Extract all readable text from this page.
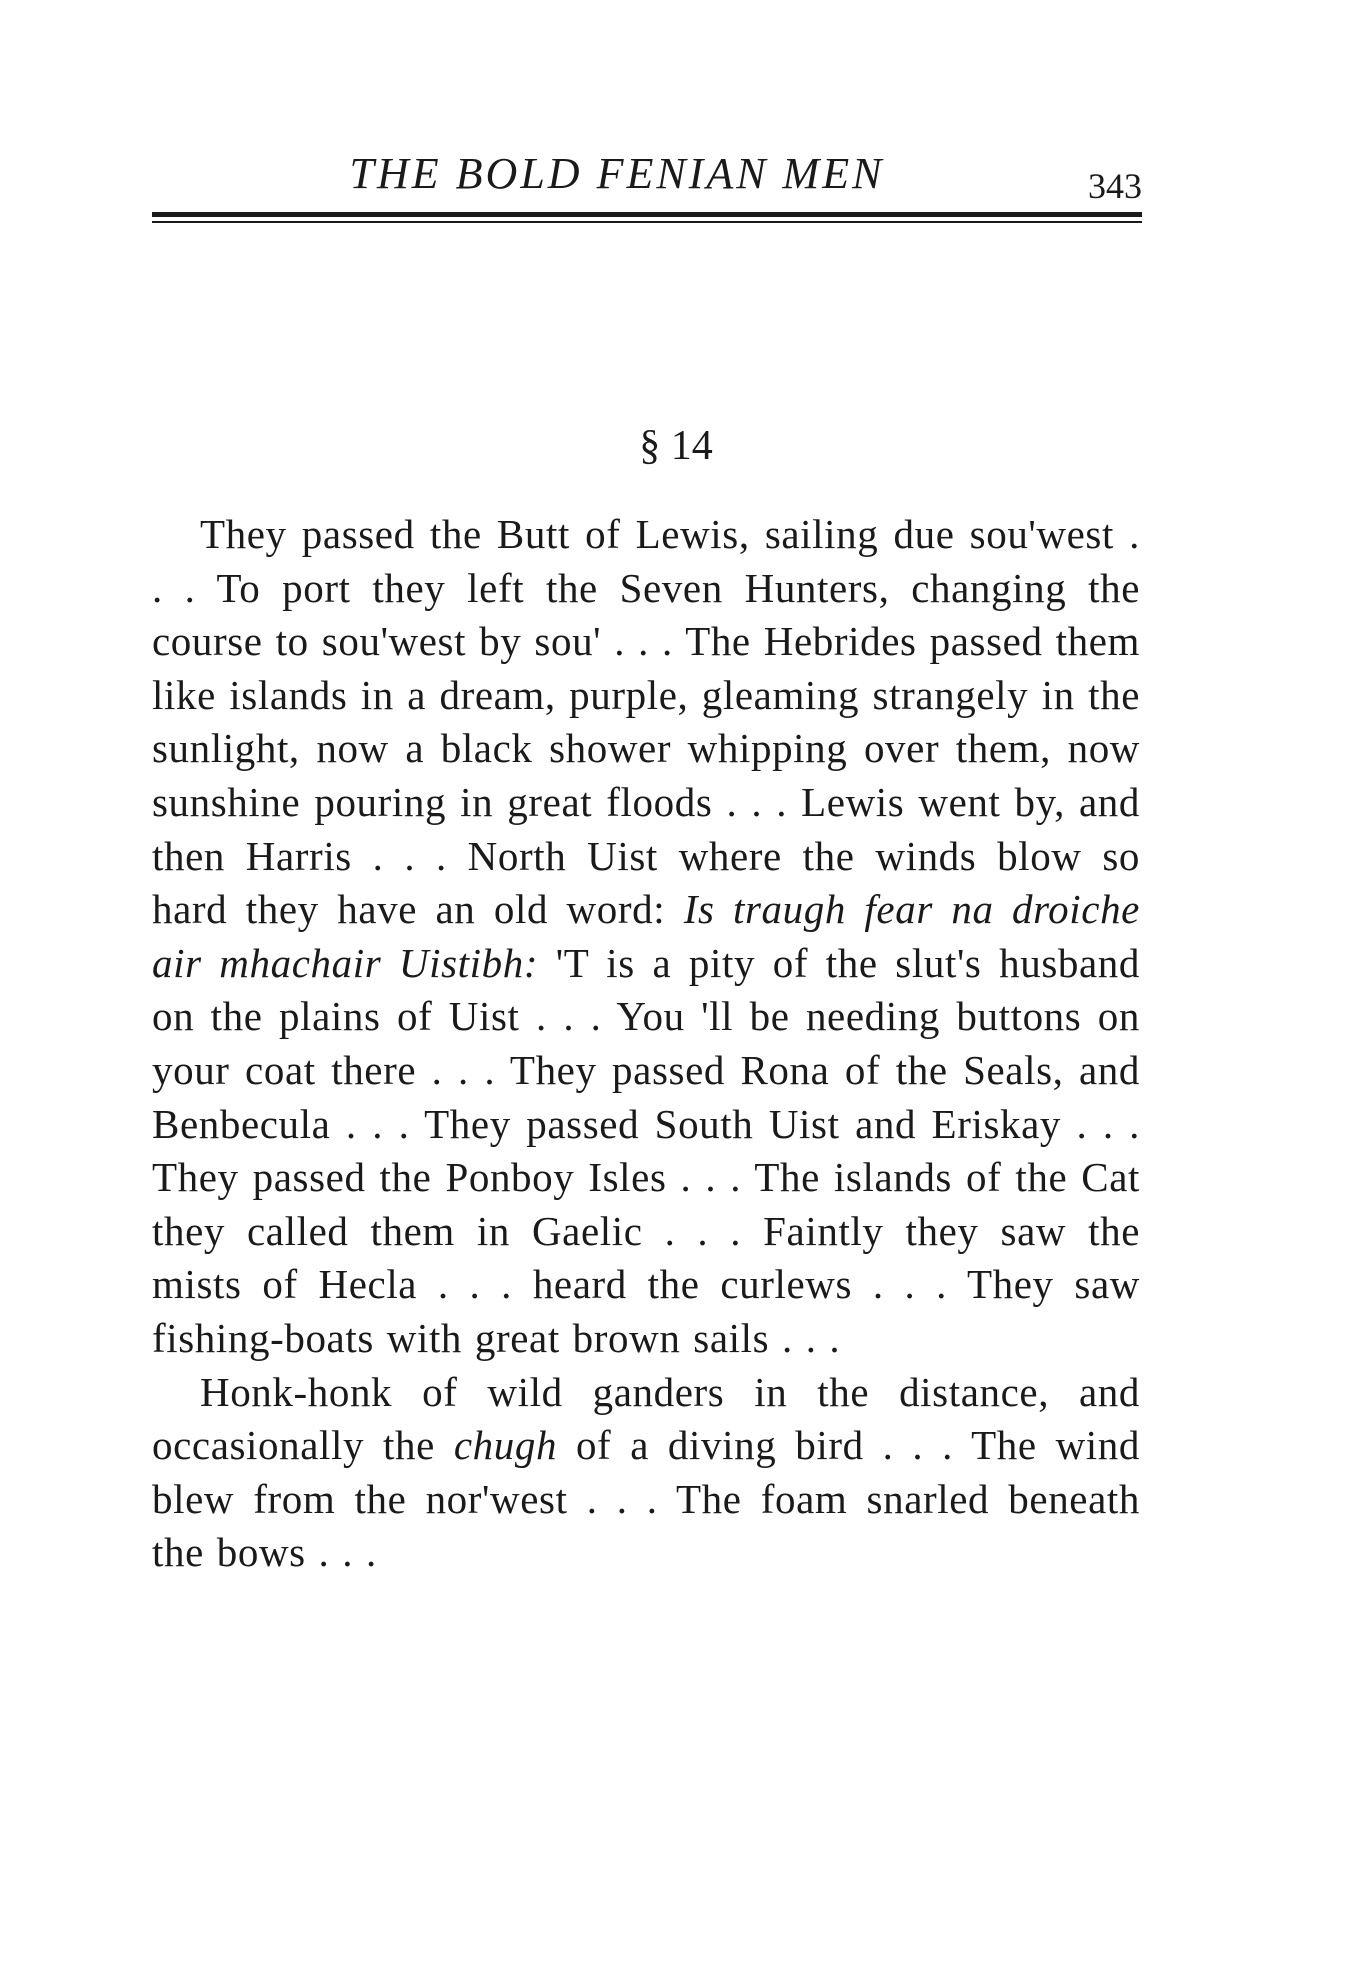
THE BOLD FENIAN MEN	343
§ 14

They passed the Butt of Lewis, sailing due sou'west . . . To port they left the Seven Hunters, changing the course to sou'west by sou' . . . The Hebrides passed them like islands in a dream, purple, gleaming strangely in the sunlight, now a black shower whipping over them, now sunshine pouring in great floods . . . Lewis went by, and then Harris . . . North Uist where the winds blow so hard they have an old word: Is traugh fear na droiche air mhachair Uistibh: 'T is a pity of the slut's husband on the plains of Uist . . . You 'll be needing buttons on your coat there . . . They passed Rona of the Seals, and Benbecula . . . They passed South Uist and Eriskay . . . They passed the Ponboy Isles . . . The islands of the Cat they called them in Gaelic . . . Faintly they saw the mists of Hecla . . . heard the curlews . . . They saw fishing-boats with great brown sails . . .

Honk-honk of wild ganders in the distance, and occasionally the chugh of a diving bird . . . The wind blew from the nor'west . . . The foam snarled beneath the bows . . .
